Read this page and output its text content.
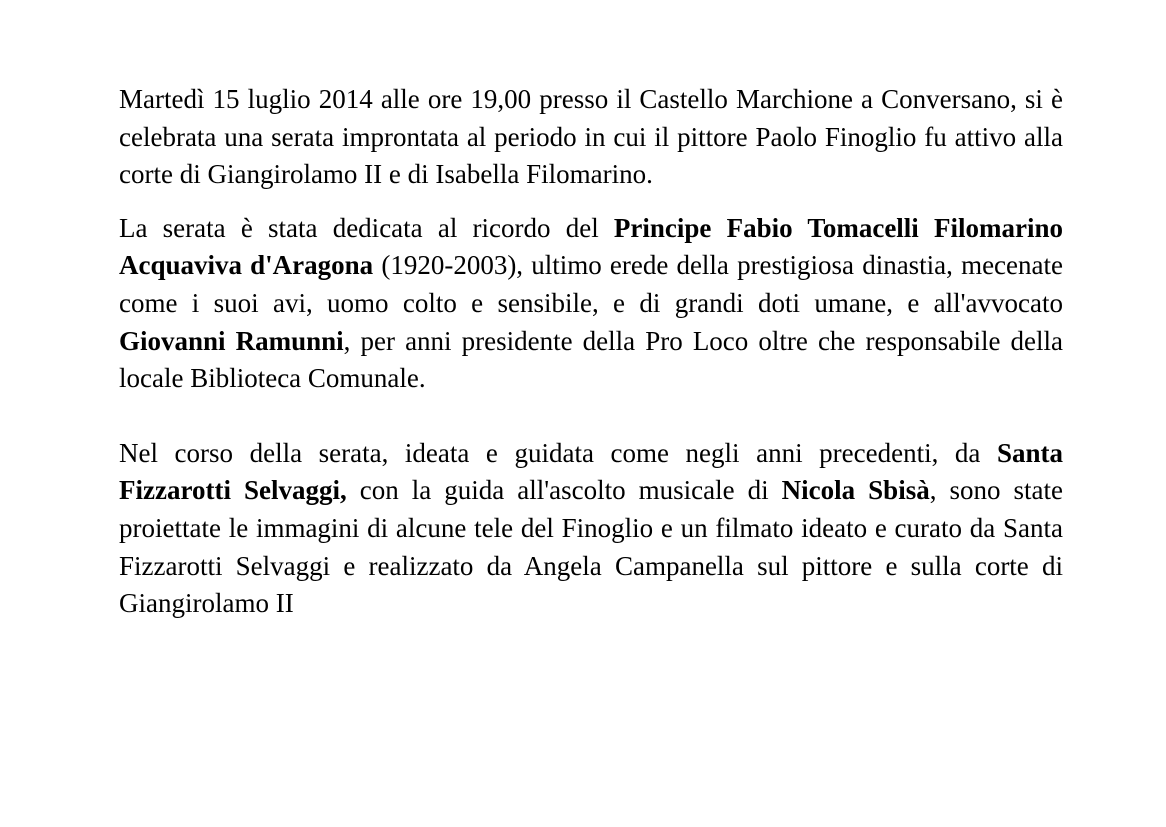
Martedì 15 luglio 2014 alle ore 19,00 presso il Castello Marchione a Conversano, si è celebrata una serata improntata al periodo in cui il pittore Paolo Finoglio fu attivo alla corte di Giangirolamo II e di Isabella Filomarino.

La serata è stata dedicata al ricordo del Principe Fabio Tomacelli Filomarino Acquaviva d'Aragona (1920-2003), ultimo erede della prestigiosa dinastia, mecenate come i suoi avi, uomo colto e sensibile, e di grandi doti umane, e all'avvocato Giovanni Ramunni, per anni presidente della Pro Loco oltre che responsabile della locale Biblioteca Comunale.

Nel corso della serata, ideata e guidata come negli anni precedenti, da Santa Fizzarotti Selvaggi, con la guida all'ascolto musicale di Nicola Sbisà, sono state proiettate le immagini di alcune tele del Finoglio e un filmato ideato e curato da Santa Fizzarotti Selvaggi e realizzato da Angela Campanella sul pittore e sulla corte di Giangirolamo II
